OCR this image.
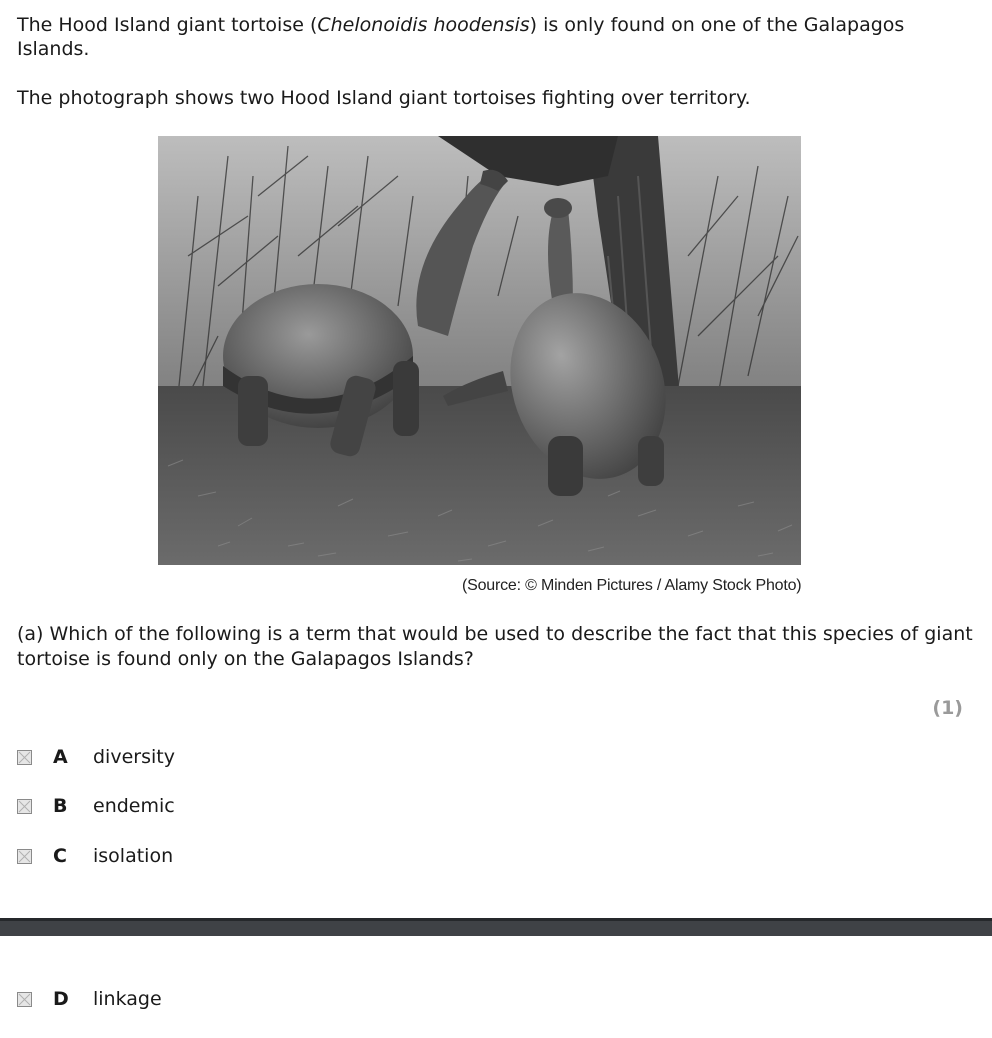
The Hood Island giant tortoise (Chelonoidis hoodensis) is only found on one of the Galapagos Islands.

The photograph shows two Hood Island giant tortoises fighting over territory.

(Source: © Minden Pictures / Alamy Stock Photo)

(a) Which of the following is a term that would be used to describe the fact that this species of giant tortoise is found only on the Galapagos Islands?

(1)
A	diversity
B	endemic
C	isolation
D	linkage
